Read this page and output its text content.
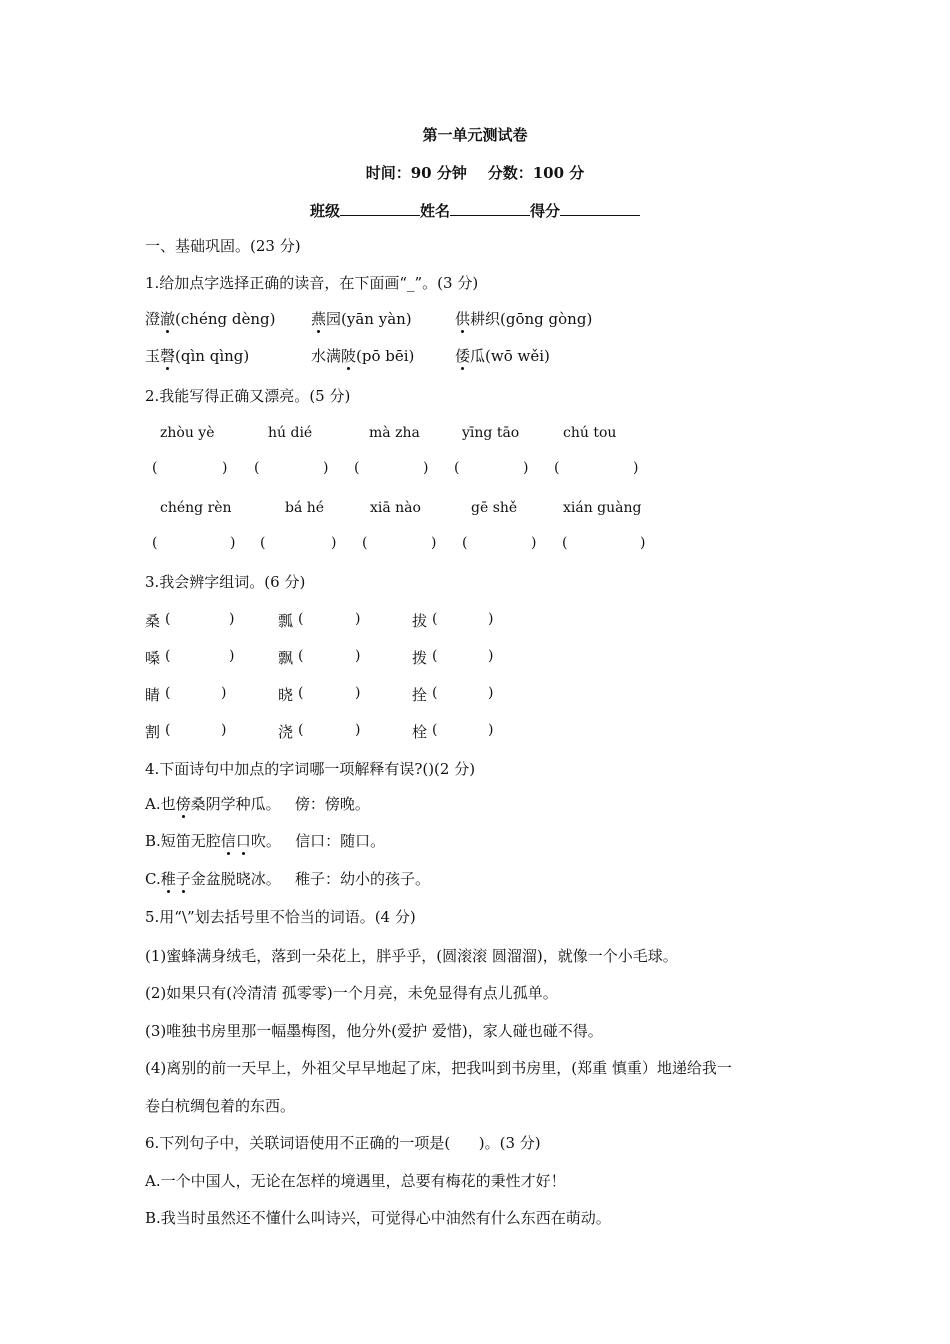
第一单元测试卷
时间：90 分钟    分数：100 分
班级	姓名	得分
一、基础巩固。(23 分)
1.给加点字选择正确的读音，在下面画“_”。(3 分)
澄澈(chéng dèng) 燕园(yān yàn)	供耕织(gōng gòng)
玉磬(qìn qìng)	水满陂(pō bēi)	倭瓜(wō wěi)
2.我能写得正确又漂亮。(5 分)
zhòu yè	hú dié	mà zha	yīng tāo	chú tou
(	) (	) (	) (	) (	)
chéng rèn	bá hé	xiā nào	gē shě	xián guàng
(	) (	) (	) (	) (	)
3.我会辨字组词。(6 分)
桑 (	)	瓢 (	)	拔 (	)
嗓 (	)	飘 (	)	拨 (	)
睛 (	)	晓 (	)	拴 (	)
割 (	)	浇 (	)	栓 (	)
4.下面诗句中加点的字词哪一项解释有误?()(2 分)
A.也傍桑阴学种瓜。   傍：傍晚。
B.短笛无腔信口吹。   信口：随口。
C.稚子金盆脱晓冰。   稚子：幼小的孩子。
5.用“\”划去括号里不恰当的词语。(4 分)
(1)蜜蜂满身绒毛，落到一朵花上，胖乎乎，(圆滚滚 圆溜溜)，就像一个小毛球。
(2)如果只有(冷清清 孤零零)一个月亮，未免显得有点儿孤单。
(3)唯独书房里那一幅墨梅图，他分外(爱护 爱惜)，家人碰也碰不得。
(4)离别的前一天早上，外祖父早早地起了床，把我叫到书房里，(郑重 慎重）地递给我一
卷白杭绸包着的东西。
6.下列句子中，关联词语使用不正确的一项是(      )。(3 分)
A.一个中国人，无论在怎样的境遇里，总要有梅花的秉性才好！
B.我当时虽然还不懂什么叫诗兴，可觉得心中油然有什么东西在萌动。
